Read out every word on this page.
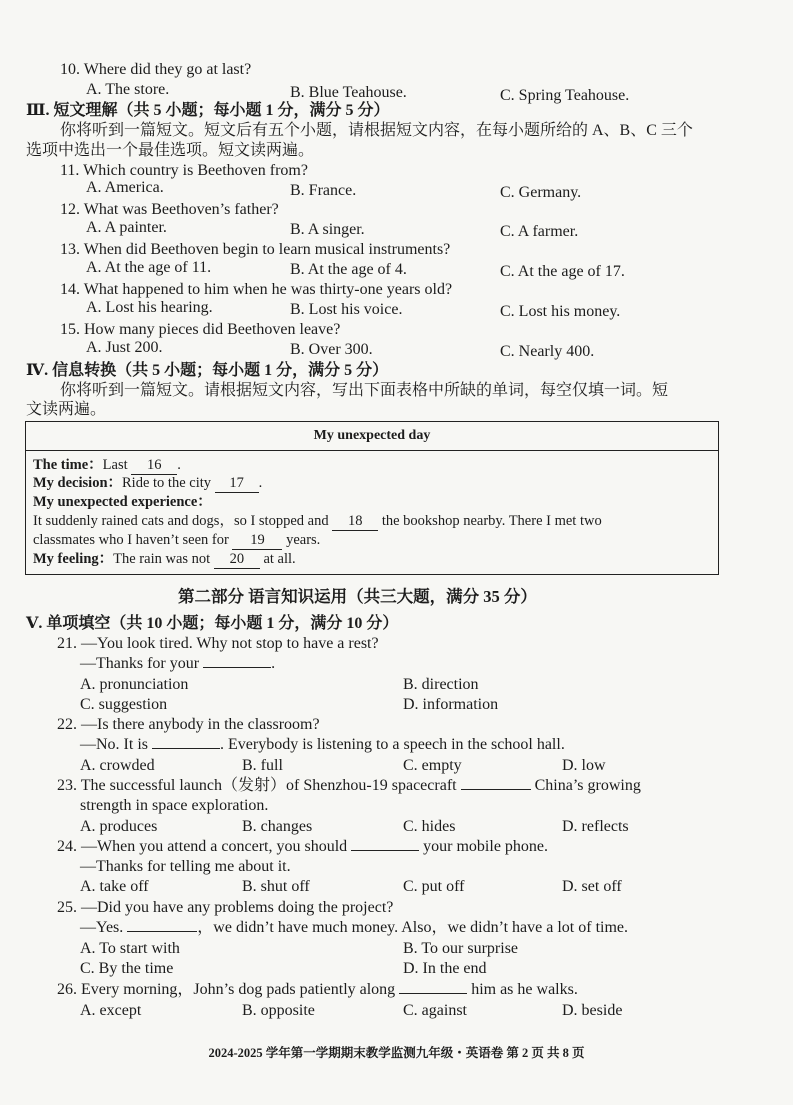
10. Where did they go at last?
A. The store.	B. Blue Teahouse.	C. Spring Teahouse.
Ⅲ. 短文理解（共 5 小题；每小题 1 分，满分 5 分）
你将听到一篇短文。短文后有五个小题，请根据短文内容，在每小题所给的 A、B、C 三个
选项中选出一个最佳选项。短文读两遍。
11. Which country is Beethoven from?
A. America.	B. France.	C. Germany.
12. What was Beethoven’s father?
A. A painter.	B. A singer.	C. A farmer.
13. When did Beethoven begin to learn musical instruments?
A. At the age of 11.	B. At the age of 4.	C. At the age of 17.
14. What happened to him when he was thirty-one years old?
A. Lost his hearing.	B. Lost his voice.	C. Lost his money.
15. How many pieces did Beethoven leave?
A. Just 200.	B. Over 300.	C. Nearly 400.
Ⅳ. 信息转换（共 5 小题；每小题 1 分，满分 5 分）
你将听到一篇短文。请根据短文内容，写出下面表格中所缺的单词，每空仅填一词。短
文读两遍。
My unexpected day
The time：Last 16 .
My decision：Ride to the city 17 .
My unexpected experience：
It suddenly rained cats and dogs，so I stopped and 18 the bookshop nearby. There I met two
classmates who I haven’t seen for 19 years.
My feeling：The rain was not 20 at all.
第二部分 语言知识运用（共三大题，满分 35 分）
Ⅴ. 单项填空（共 10 小题；每小题 1 分，满分 10 分）
21. —You look tired. Why not stop to have a rest?
—Thanks for your	.
A. pronunciation	B. direction
C. suggestion	D. information
22. —Is there anybody in the classroom?
—No. It is	. Everybody is listening to a speech in the school hall.
A. crowded	B. full	C. empty	D. low
23. The successful launch（发射）of Shenzhou-19 spacecraft	China’s growing
strength in space exploration.
A. produces	B. changes	C. hides	D. reflects
24. —When you attend a concert, you should	your mobile phone.
—Thanks for telling me about it.
A. take off	B. shut off	C. put off	D. set off
25. —Did you have any problems doing the project?
—Yes.	，we didn’t have much money. Also，we didn’t have a lot of time.
A. To start with	B. To our surprise
C. By the time	D. In the end
26. Every morning，John’s dog pads patiently along	him as he walks.
A. except	B. opposite	C. against	D. beside
2024-2025 学年第一学期期末教学监测九年级・英语卷 第 2 页 共 8 页
